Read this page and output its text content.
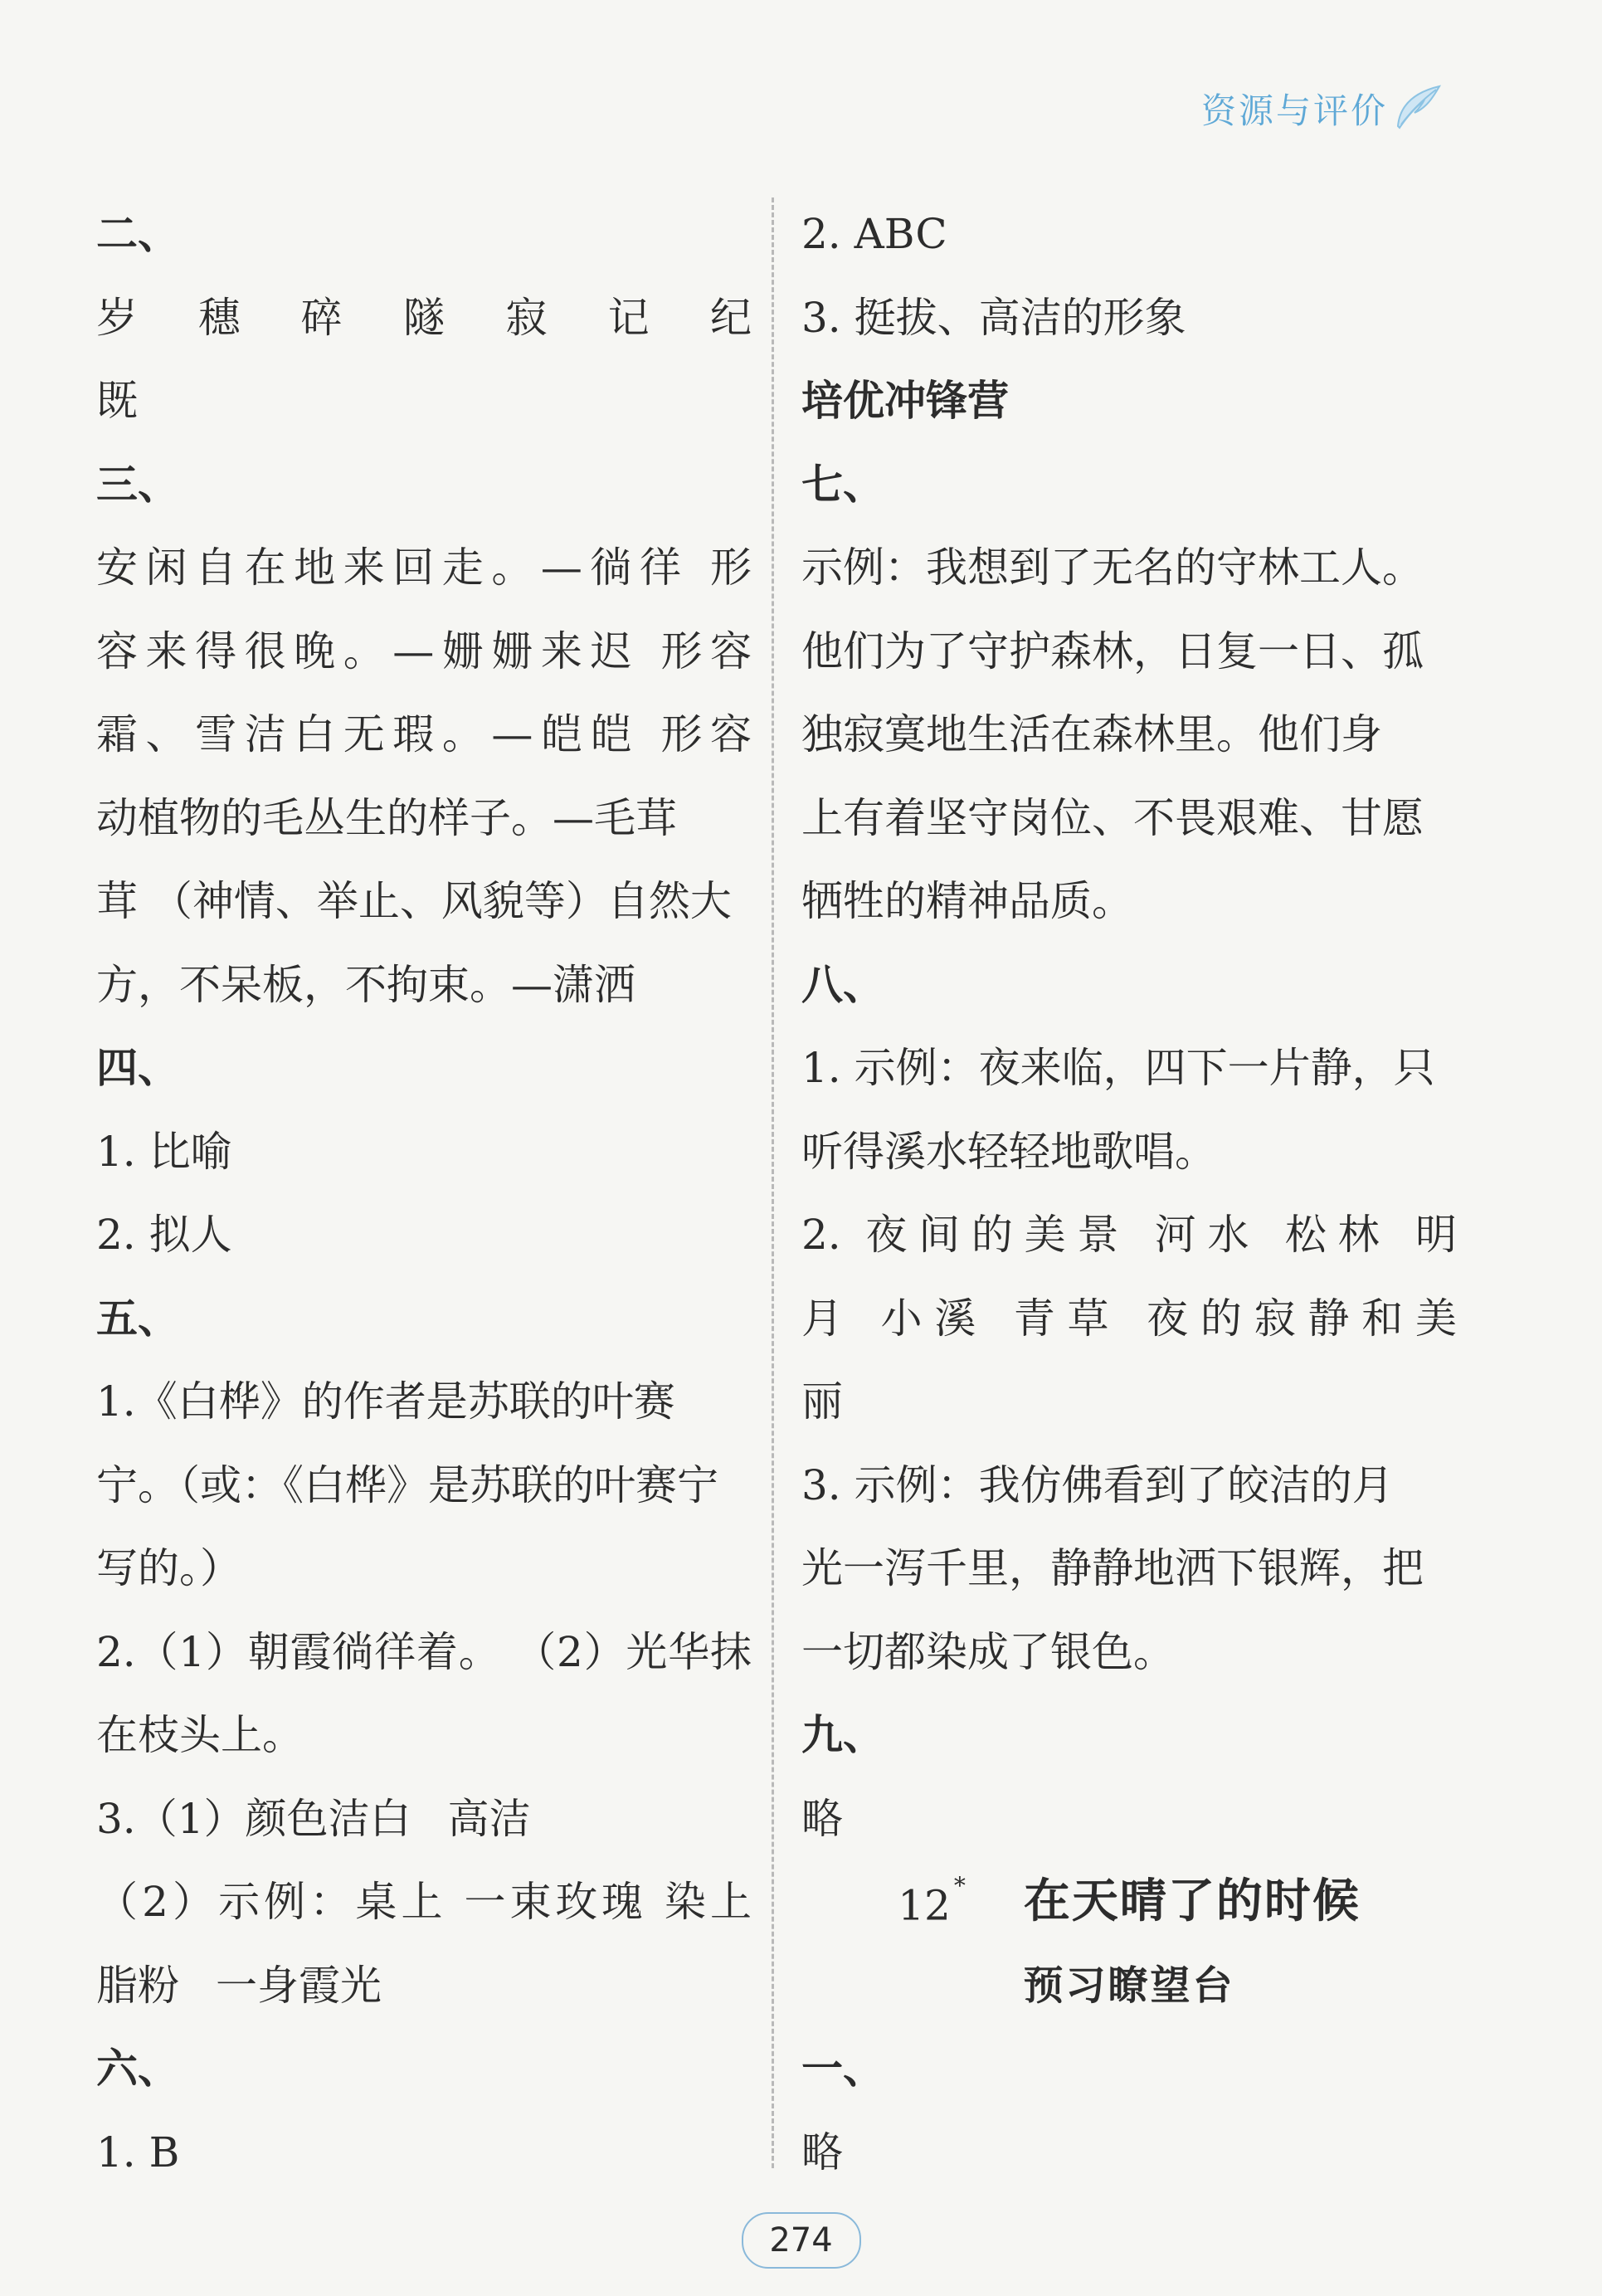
资源与评价
二、
岁 穗 碎 隧 寂 记 纪
既
三、
安闲自在地来回走。—徜徉 形
容来得很晚。—姗姗来迟 形容
霜、雪洁白无瑕。—皑皑 形容
动植物的毛丛生的样子。—毛茸
茸 （神情、举止、风貌等）自然大
方，不呆板，不拘束。—潇洒
四、
1. 比喻
2. 拟人
五、
1.《白桦》的作者是苏联的叶赛
宁。（或：《白桦》是苏联的叶赛宁
写的。）
2.（1）朝霞徜徉着。 （2）光华抹
在枝头上。
3.（1）颜色洁白 高洁
（2）示例：桌上 一束玫瑰 染上
脂粉 一身霞光
六、
1. B
2. ABC
3. 挺拔、高洁的形象
培优冲锋营
七、
示例：我想到了无名的守林工人。
他们为了守护森林，日复一日、孤
独寂寞地生活在森林里。他们身
上有着坚守岗位、不畏艰难、甘愿
牺牲的精神品质。
八、
1. 示例：夜来临，四下一片静，只
听得溪水轻轻地歌唱。
2. 夜间的美景 河水 松林 明
月 小溪 青草 夜的寂静和美
丽
3. 示例：我仿佛看到了皎洁的月
光一泻千里，静静地洒下银辉，把
一切都染成了银色。
九、
略
12 * 在天晴了的时候
预习瞭望台
一、
略
274
